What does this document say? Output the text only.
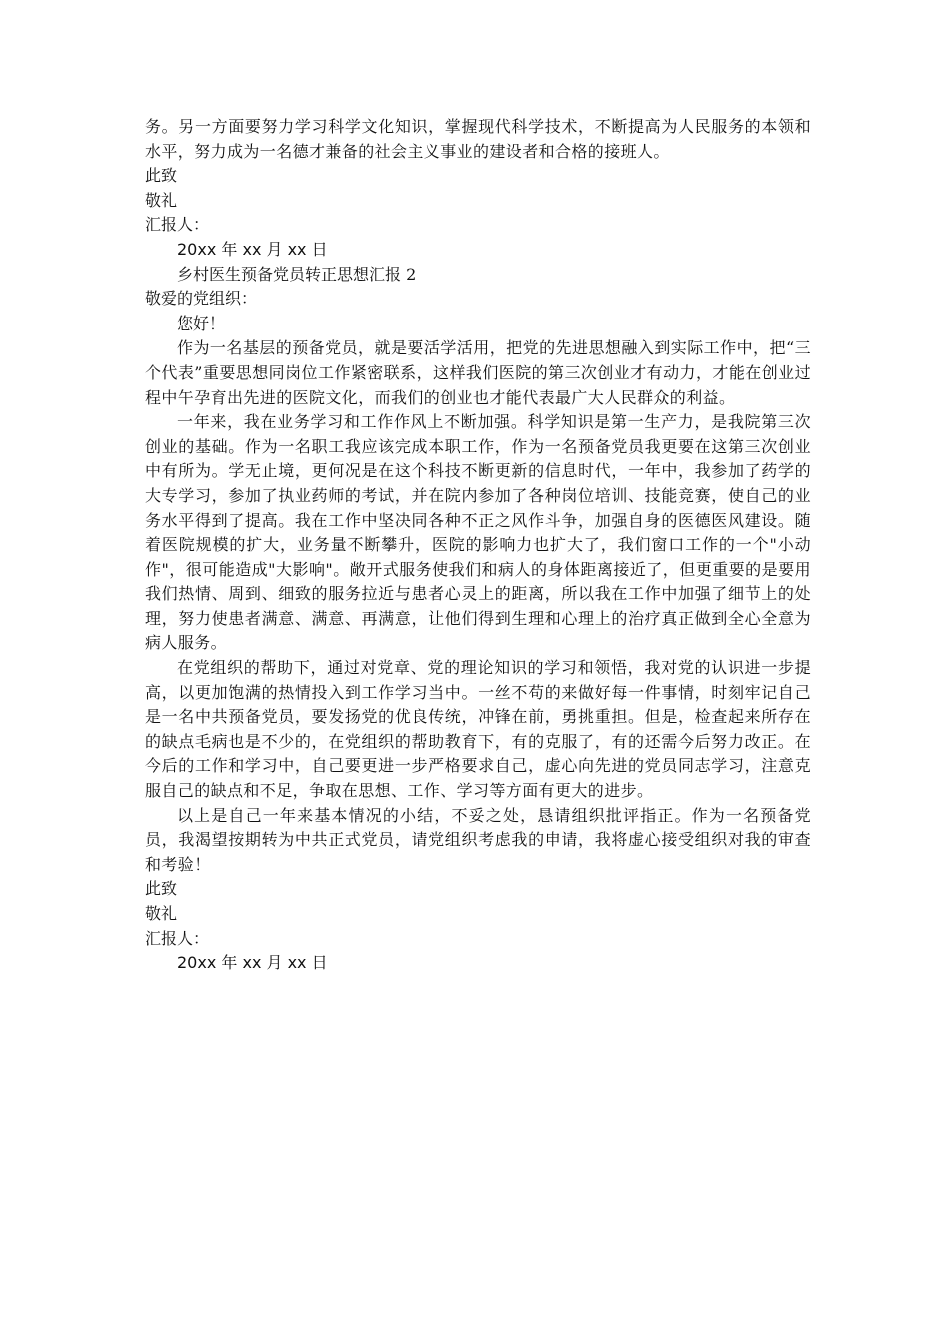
务。另一方面要努力学习科学文化知识，掌握现代科学技术，不断提高为人民服务的本领和水平，努力成为一名德才兼备的社会主义事业的建设者和合格的接班人。

此致
敬礼
汇报人：
20xx 年 xx 月 xx 日
乡村医生预备党员转正思想汇报 2
敬爱的党组织：
您好！

作为一名基层的预备党员，就是要活学活用，把党的先进思想融入到实际工作中，把“三个代表”重要思想同岗位工作紧密联系，这样我们医院的第三次创业才有动力，才能在创业过程中午孕育出先进的医院文化，而我们的创业也才能代表最广大人民群众的利益。

一年来，我在业务学习和工作作风上不断加强。科学知识是第一生产力，是我院第三次创业的基础。作为一名职工我应该完成本职工作，作为一名预备党员我更要在这第三次创业中有所为。学无止境，更何况是在这个科技不断更新的信息时代，一年中，我参加了药学的大专学习，参加了执业药师的考试，并在院内参加了各种岗位培训、技能竞赛，使自己的业务水平得到了提高。我在工作中坚决同各种不正之风作斗争，加强自身的医德医风建设。随着医院规模的扩大，业务量不断攀升，医院的影响力也扩大了，我们窗口工作的一个"小动作"，很可能造成"大影响"。敞开式服务使我们和病人的身体距离接近了，但更重要的是要用我们热情、周到、细致的服务拉近与患者心灵上的距离，所以我在工作中加强了细节上的处理，努力使患者满意、满意、再满意，让他们得到生理和心理上的治疗真正做到全心全意为病人服务。

在党组织的帮助下，通过对党章、党的理论知识的学习和领悟，我对党的认识进一步提高，以更加饱满的热情投入到工作学习当中。一丝不苟的来做好每一件事情，时刻牢记自己是一名中共预备党员，要发扬党的优良传统，冲锋在前，勇挑重担。但是，检查起来所存在的缺点毛病也是不少的，在党组织的帮助教育下，有的克服了，有的还需今后努力改正。在今后的工作和学习中，自己要更进一步严格要求自己，虚心向先进的党员同志学习，注意克服自己的缺点和不足，争取在思想、工作、学习等方面有更大的进步。

以上是自己一年来基本情况的小结，不妥之处，恳请组织批评指正。作为一名预备党员，我渴望按期转为中共正式党员，请党组织考虑我的申请，我将虚心接受组织对我的审查和考验！

此致
敬礼
汇报人：
20xx 年 xx 月 xx 日
